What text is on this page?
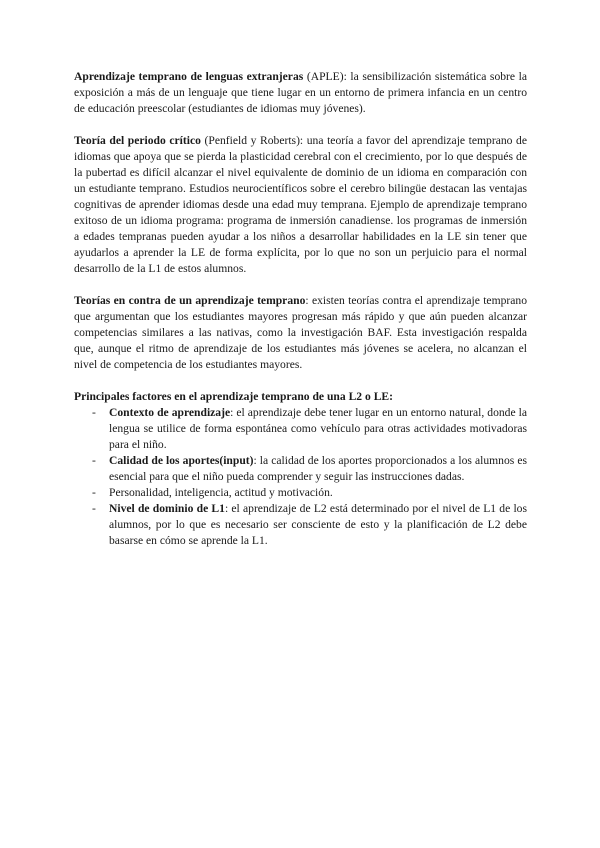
Aprendizaje temprano de lenguas extranjeras (APLE): la sensibilización sistemática sobre la exposición a más de un lenguaje que tiene lugar en un entorno de primera infancia en un centro de educación preescolar (estudiantes de idiomas muy jóvenes).

Teoría del periodo crítico (Penfield y Roberts): una teoría a favor del aprendizaje temprano de idiomas que apoya que se pierda la plasticidad cerebral con el crecimiento, por lo que después de la pubertad es difícil alcanzar el nivel equivalente de dominio de un idioma en comparación con un estudiante temprano. Estudios neurocientíficos sobre el cerebro bilingüe destacan las ventajas cognitivas de aprender idiomas desde una edad muy temprana. Ejemplo de aprendizaje temprano exitoso de un idioma programa: programa de inmersión canadiense. los programas de inmersión a edades tempranas pueden ayudar a los niños a desarrollar habilidades en la LE sin tener que ayudarlos a aprender la LE de forma explícita, por lo que no son un perjuicio para el normal desarrollo de la L1 de estos alumnos.

Teorías en contra de un aprendizaje temprano: existen teorías contra el aprendizaje temprano que argumentan que los estudiantes mayores progresan más rápido y que aún pueden alcanzar competencias similares a las nativas, como la investigación BAF. Esta investigación respalda que, aunque el ritmo de aprendizaje de los estudiantes más jóvenes se acelera, no alcanzan el nivel de competencia de los estudiantes mayores.

Principales factores en el aprendizaje temprano de una L2 o LE:

- Contexto de aprendizaje: el aprendizaje debe tener lugar en un entorno natural, donde la lengua se utilice de forma espontánea como vehículo para otras actividades motivadoras para el niño.
- Calidad de los aportes(input): la calidad de los aportes proporcionados a los alumnos es esencial para que el niño pueda comprender y seguir las instrucciones dadas.
- Personalidad, inteligencia, actitud y motivación.
- Nivel de dominio de L1: el aprendizaje de L2 está determinado por el nivel de L1 de los alumnos, por lo que es necesario ser consciente de esto y la planificación de L2 debe basarse en cómo se aprende la L1.
